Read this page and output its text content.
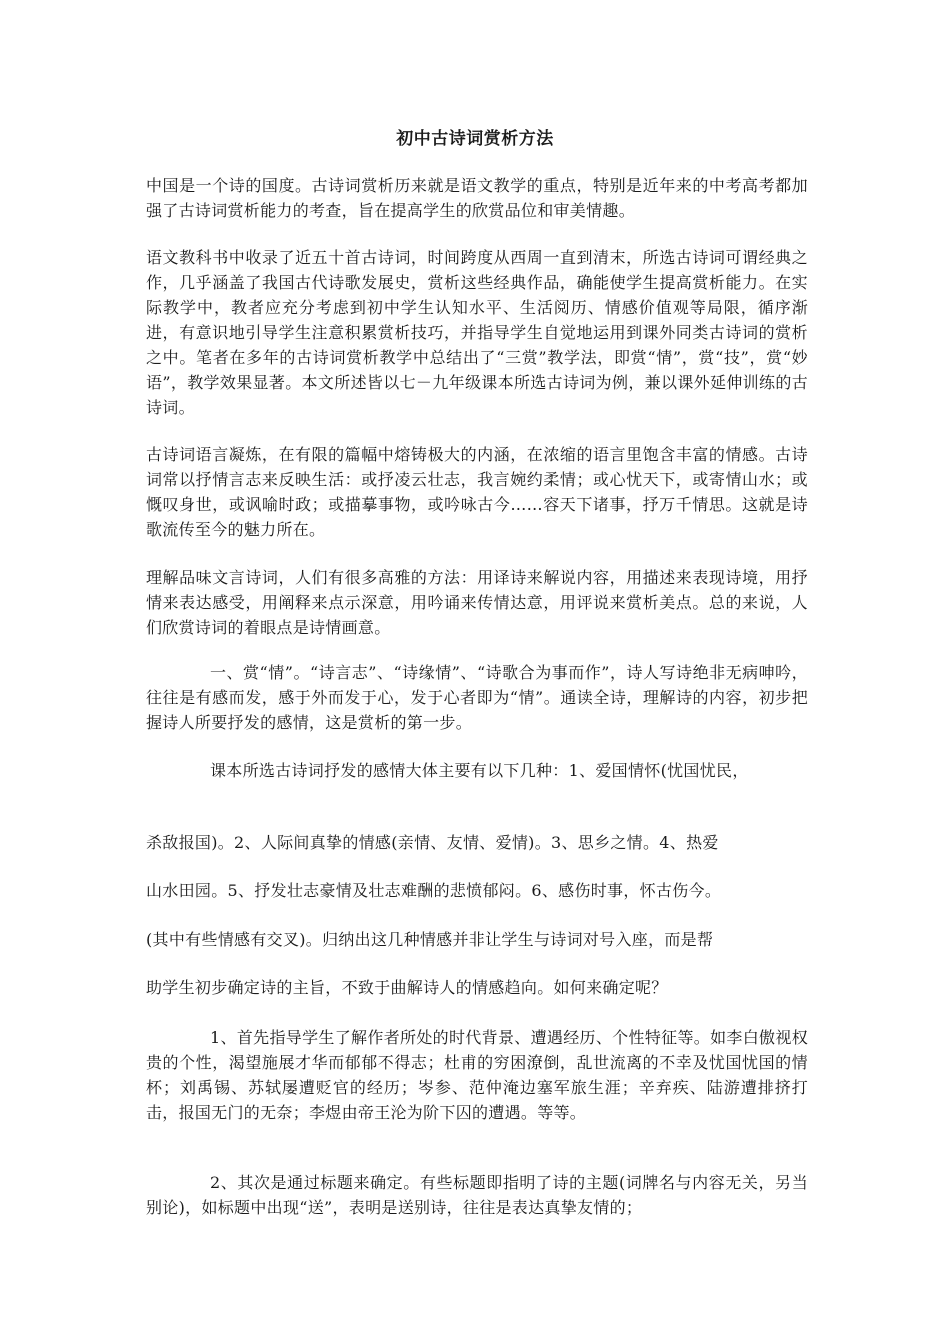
初中古诗词赏析方法
中国是一个诗的国度。古诗词赏析历来就是语文教学的重点，特别是近年来的中考高考都加强了古诗词赏析能力的考查，旨在提高学生的欣赏品位和审美情趣。
语文教科书中收录了近五十首古诗词，时间跨度从西周一直到清末，所选古诗词可谓经典之作，几乎涵盖了我国古代诗歌发展史，赏析这些经典作品，确能使学生提高赏析能力。在实际教学中，教者应充分考虑到初中学生认知水平、生活阅历、情感价值观等局限，循序渐进，有意识地引导学生注意积累赏析技巧，并指导学生自觉地运用到课外同类古诗词的赏析之中。笔者在多年的古诗词赏析教学中总结出了“三赏”教学法，即赏“情”，赏“技”，赏“妙语”，教学效果显著。本文所述皆以七－九年级课本所选古诗词为例，兼以课外延伸训练的古诗词。
古诗词语言凝炼，在有限的篇幅中熔铸极大的内涵，在浓缩的语言里饱含丰富的情感。古诗词常以抒情言志来反映生活：或抒凌云壮志，我言婉约柔情；或心忧天下，或寄情山水；或慨叹身世，或讽喻时政；或描摹事物，或吟咏古今……容天下诸事，抒万千情思。这就是诗歌流传至今的魅力所在。
理解品味文言诗词，人们有很多高雅的方法：用译诗来解说内容，用描述来表现诗境，用抒情来表达感受，用阐释来点示深意，用吟诵来传情达意，用评说来赏析美点。总的来说，人们欣赏诗词的着眼点是诗情画意。
一、赏“情”。“诗言志”、“诗缘情”、“诗歌合为事而作”，诗人写诗绝非无病呻吟，往往是有感而发，感于外而发于心，发于心者即为“情”。通读全诗，理解诗的内容，初步把握诗人所要抒发的感情，这是赏析的第一步。
课本所选古诗词抒发的感情大体主要有以下几种：1、爱国情怀(忧国忧民，
杀敌报国)。2、人际间真挚的情感(亲情、友情、爱情)。3、思乡之情。4、热爱
山水田园。5、抒发壮志豪情及壮志难酬的悲愤郁闷。6、感伤时事，怀古伤今。
(其中有些情感有交叉)。归纳出这几种情感并非让学生与诗词对号入座，而是帮
助学生初步确定诗的主旨，不致于曲解诗人的情感趋向。如何来确定呢？
1、首先指导学生了解作者所处的时代背景、遭遇经历、个性特征等。如李白傲视权贵的个性，渴望施展才华而郁郁不得志；杜甫的穷困潦倒，乱世流离的不幸及忧国忧国的情杯；刘禹锡、苏轼屡遭贬官的经历；岑参、范仲淹边塞军旅生涯；辛弃疾、陆游遭排挤打击，报国无门的无奈；李煜由帝王沦为阶下囚的遭遇。等等。
2、其次是通过标题来确定。有些标题即指明了诗的主题(词牌名与内容无关，另当别论)，如标题中出现“送”，表明是送别诗，往往是表达真挚友情的；
